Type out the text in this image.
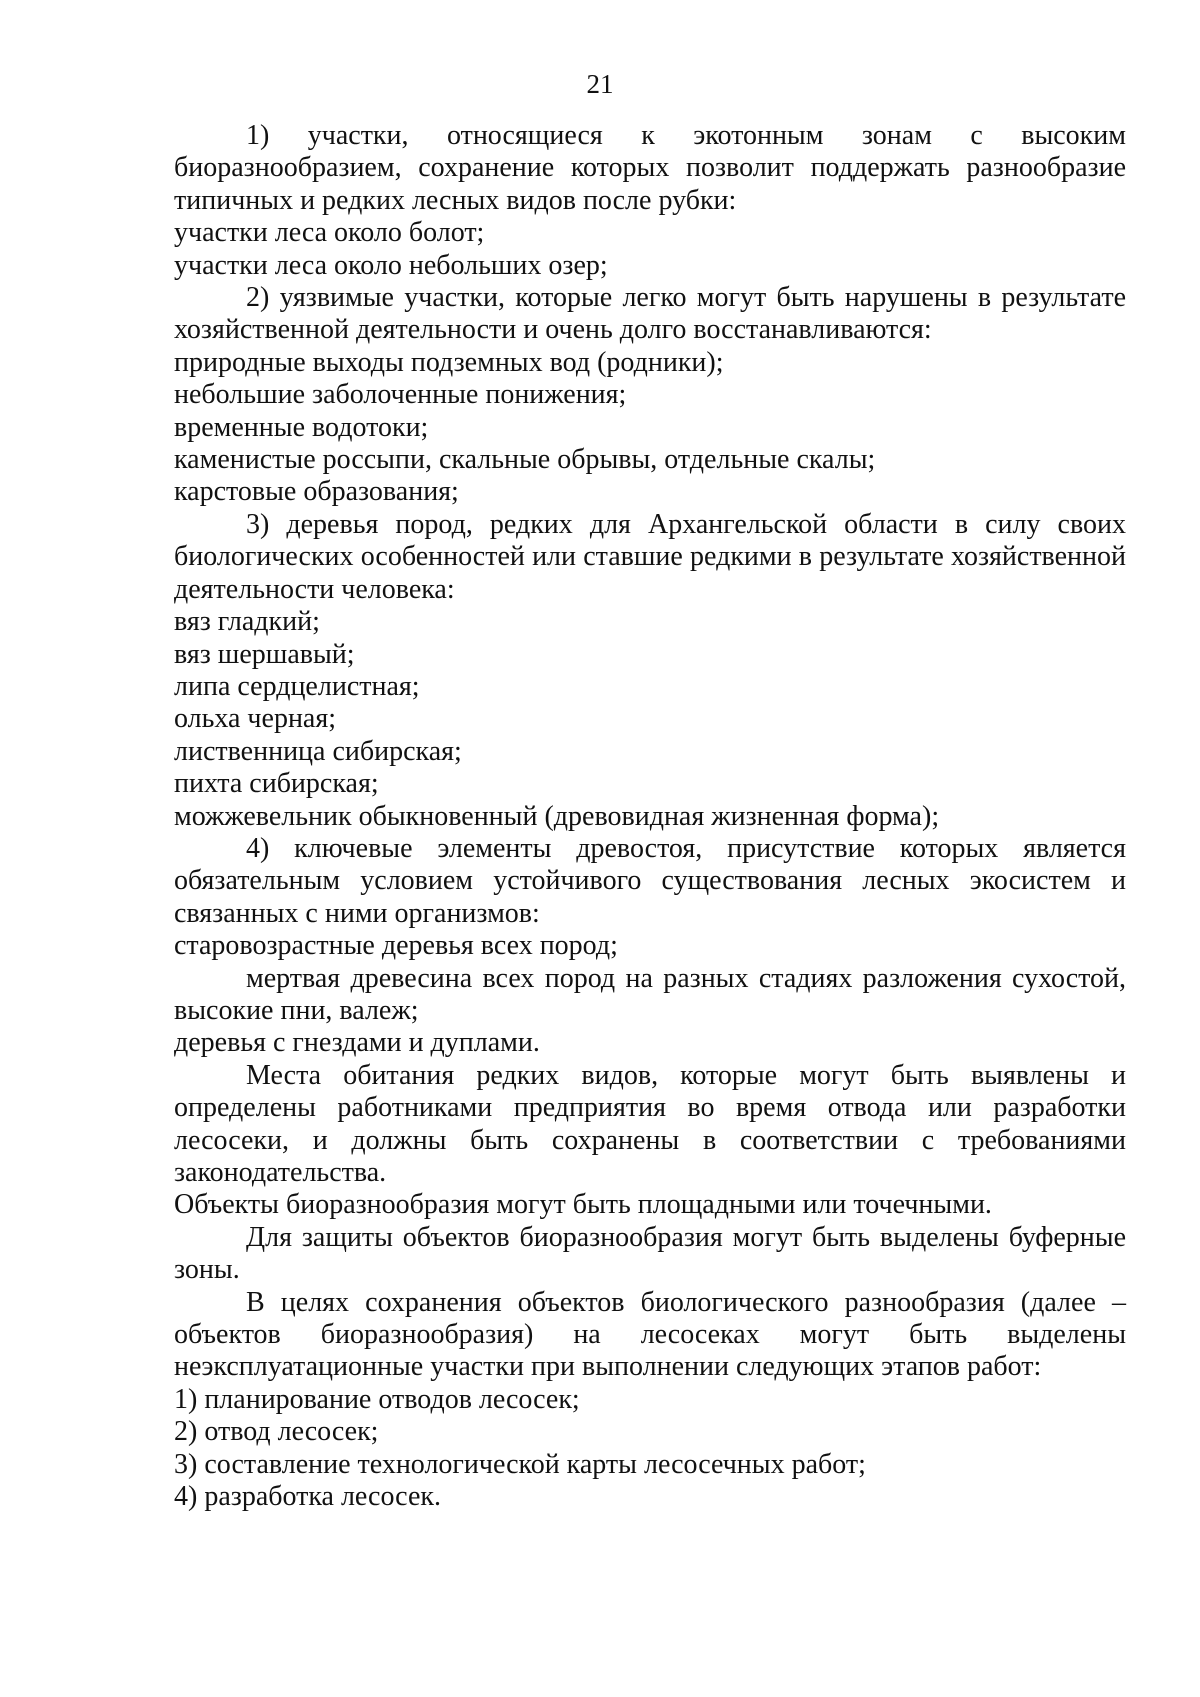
21

1) участки, относящиеся к экотонным зонам с высоким биоразнообразием, сохранение которых позволит поддержать разнообразие типичных и редких лесных видов после рубки:

участки леса около болот;

участки леса около небольших озер;

2) уязвимые участки, которые легко могут быть нарушены в результате хозяйственной деятельности и очень долго восстанавливаются:

природные выходы подземных вод (родники);

небольшие заболоченные понижения;

временные водотоки;

каменистые россыпи, скальные обрывы, отдельные скалы;

карстовые образования;

3) деревья пород, редких для Архангельской области в силу своих биологических особенностей или ставшие редкими в результате хозяйственной деятельности человека:

вяз гладкий;

вяз шершавый;

липа сердцелистная;

ольха черная;

лиственница сибирская;

пихта сибирская;

можжевельник обыкновенный (древовидная жизненная форма);

4) ключевые элементы древостоя, присутствие которых является обязательным условием устойчивого существования лесных экосистем и связанных с ними организмов:

старовозрастные деревья всех пород;

мертвая древесина всех пород на разных стадиях разложения сухостой, высокие пни, валеж;

деревья с гнездами и дуплами.

Места обитания редких видов, которые могут быть выявлены и определены работниками предприятия во время отвода или разработки лесосеки, и должны быть сохранены в соответствии с требованиями законодательства.

Объекты биоразнообразия могут быть площадными или точечными.

Для защиты объектов биоразнообразия могут быть выделены буферные зоны.

В целях сохранения объектов биологического разнообразия (далее – объектов биоразнообразия) на лесосеках могут быть выделены неэксплуатационные участки при выполнении следующих этапов работ:

1) планирование отводов лесосек;

2) отвод лесосек;

3) составление технологической карты лесосечных работ;

4) разработка лесосек.
